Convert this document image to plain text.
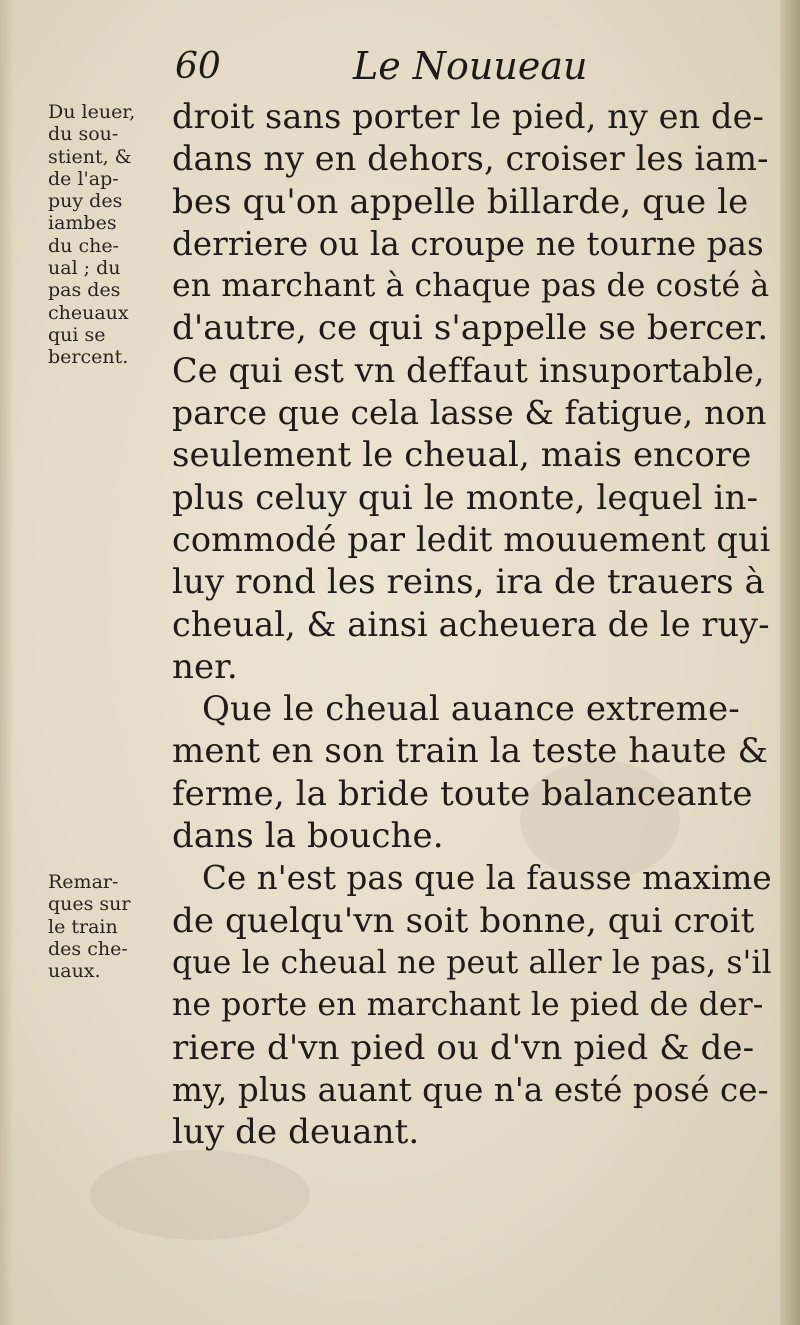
60	Le Nouueau
Du leuer,
du sou-
stient, &
de l'ap-
puy des
iambes
du che-
ual ; du
pas des
cheuaux
qui se
bercent.
Remar-
ques sur
le train
des che-
uaux.
droit sans porter le pied, ny en de-
dans ny en dehors, croiser les iam-
bes qu'on appelle billarde, que le
derriere ou la croupe ne tourne pas
en marchant à chaque pas de costé à
d'autre, ce qui s'appelle se bercer.
Ce qui est vn deffaut insuportable,
parce que cela lasse & fatigue, non
seulement le cheual, mais encore
plus celuy qui le monte, lequel in-
commodé par ledit mouuement qui
luy rond les reins, ira de trauers à
cheual, & ainsi acheuera de le ruy-
ner.
Que le cheual auance extreme-
ment en son train la teste haute &
ferme, la bride toute balanceante
dans la bouche.
Ce n'est pas que la fausse maxime
de quelqu'vn soit bonne, qui croit
que le cheual ne peut aller le pas, s'il
ne porte en marchant le pied de der-
riere d'vn pied ou d'vn pied & de-
my, plus auant que n'a esté posé ce-
luy de deuant.
